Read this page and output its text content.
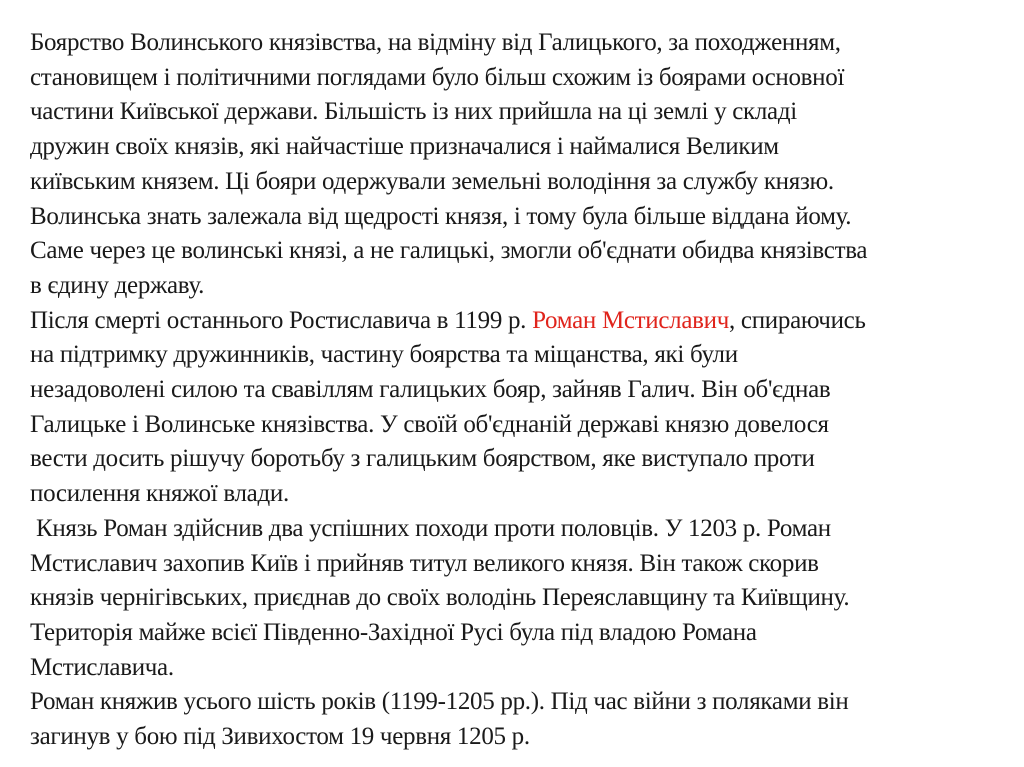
Боярство Волинського князівства, на відміну від Галицького, за походженням,
становищем і політичними поглядами було більш схожим із боярами основної
частини Київської держави. Більшість із них прийшла на ці землі у складі
дружин своїх князів, які найчастіше призначалися і наймалися Великим
київським князем. Ці бояри одержували земельні володіння за службу князю.
Волинська знать залежала від щедрості князя, і тому була більше віддана йому.
Саме через це волинські князі, а не галицькі, змогли об'єднати обидва князівства
в єдину державу.
Після смерті останнього Ростиславича в 1199 р. Роман Мстиславич, спираючись
на підтримку дружинників, частину боярства та міщанства, які були
незадоволені силою та свавіллям галицьких бояр, зайняв Галич. Він об'єднав
Галицьке і Волинське князівства. У своїй об'єднаній державі князю довелося
вести досить рішучу боротьбу з галицьким боярством, яке виступало проти
посилення княжої влади.
Князь Роман здійснив два успішних походи проти половців. У 1203 р. Роман
Мстиславич захопив Київ і прийняв титул великого князя. Він також скорив
князів чернігівських, приєднав до своїх володінь Переяславщину та Київщину.
Територія майже всієї Південно-Західної Русі була під владою Романа
Мстиславича.
Роман княжив усього шість років (1199-1205 рр.). Під час війни з поляками він
загинув у бою під Зивихостом 19 червня 1205 р.
